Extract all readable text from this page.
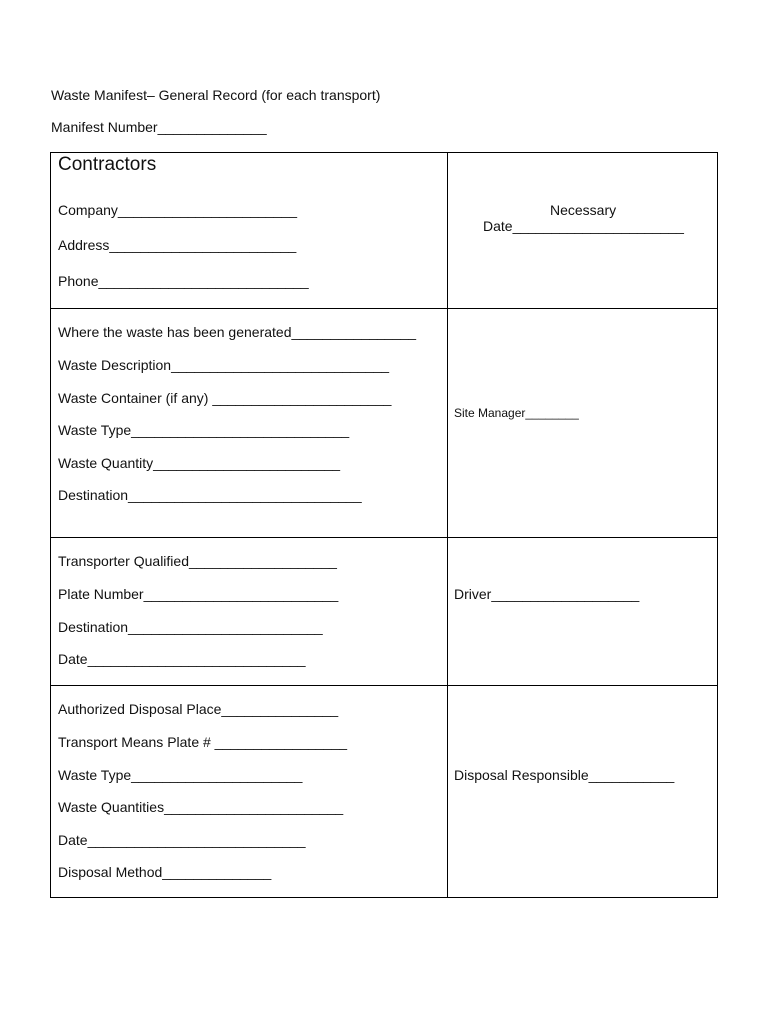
Waste Manifest– General Record (for each transport)
Manifest Number______________
Contractors
Company_______________________
Address________________________
Phone___________________________
Necessary
Date______________________
Where the waste has been generated________________
Waste Description____________________________
Waste Container (if any) _______________________
Waste Type____________________________
Waste Quantity________________________
Destination______________________________
Site Manager________
Transporter Qualified___________________
Plate Number_________________________
Destination_________________________
Date____________________________
Driver___________________
Authorized Disposal Place_______________
Transport Means Plate # _________________
Waste Type______________________
Waste Quantities_______________________
Date____________________________
Disposal Method______________
Disposal Responsible___________
